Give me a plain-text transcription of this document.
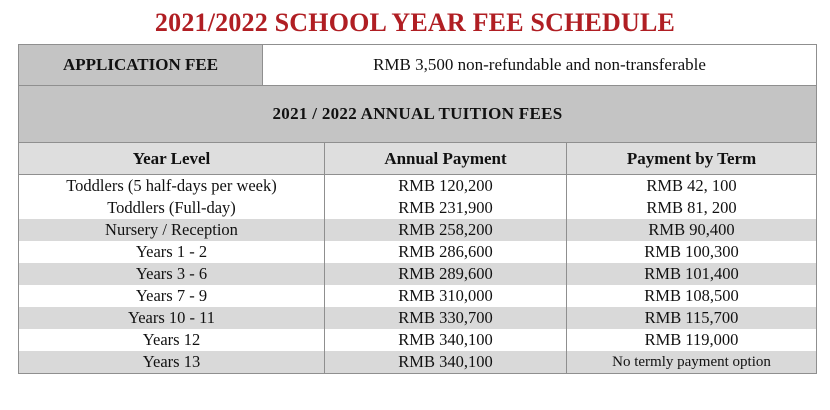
2021/2022 SCHOOL YEAR FEE SCHEDULE
APPLICATION FEE	RMB 3,500 non-refundable and non-transferable		
2021 / 2022 ANNUAL TUITION FEES			
Year Level		Annual Payment	Payment by Term
Toddlers (5 half-days per week)		RMB 120,200	RMB 42, 100
Toddlers (Full-day)		RMB 231,900	RMB 81, 200
Nursery / Reception		RMB 258,200	RMB 90,400
Years 1 - 2		RMB 286,600	RMB 100,300
Years 3 - 6		RMB 289,600	RMB 101,400
Years 7 - 9		RMB 310,000	RMB 108,500
Years 10 - 11		RMB 330,700	RMB 115,700
Years 12		RMB 340,100	RMB 119,000
Years 13		RMB 340,100	No termly payment option
